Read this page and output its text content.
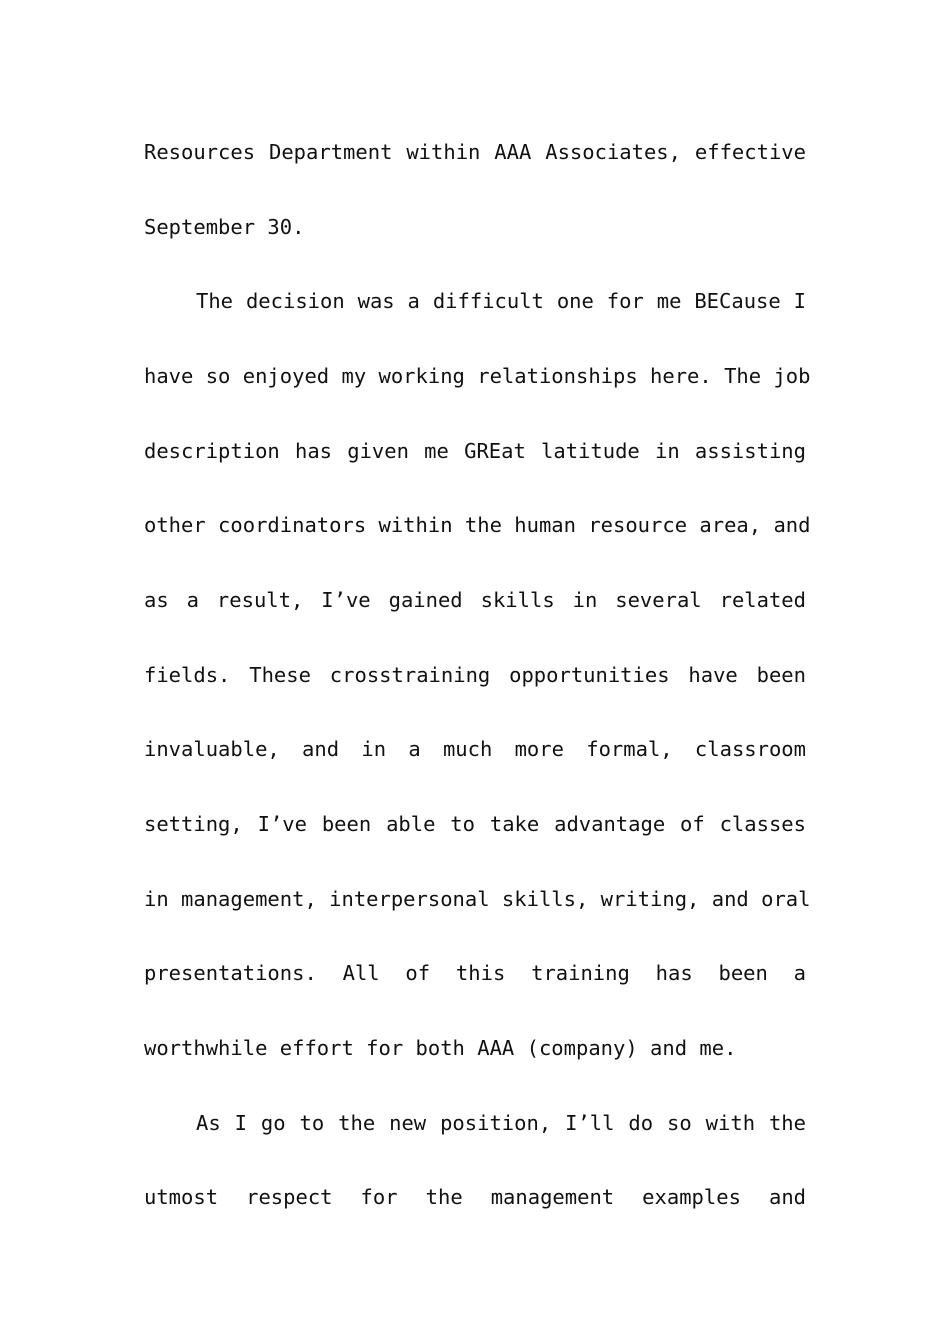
Resources Department within AAA Associates, effective
September 30.
The decision was a difficult one for me BECause I
have so enjoyed my working relationships here. The job
description has given me GREat latitude in assisting
other coordinators within the human resource area, and
as a result, I’ve gained skills in several related
fields. These crosstraining opportunities have been
invaluable, and in a much more formal, classroom
setting, I’ve been able to take advantage of classes
in management, interpersonal skills, writing, and oral
presentations. All of this training has been a
worthwhile effort for both AAA (company) and me.
As I go to the new position, I’ll do so with the
utmost respect for the management examples and
